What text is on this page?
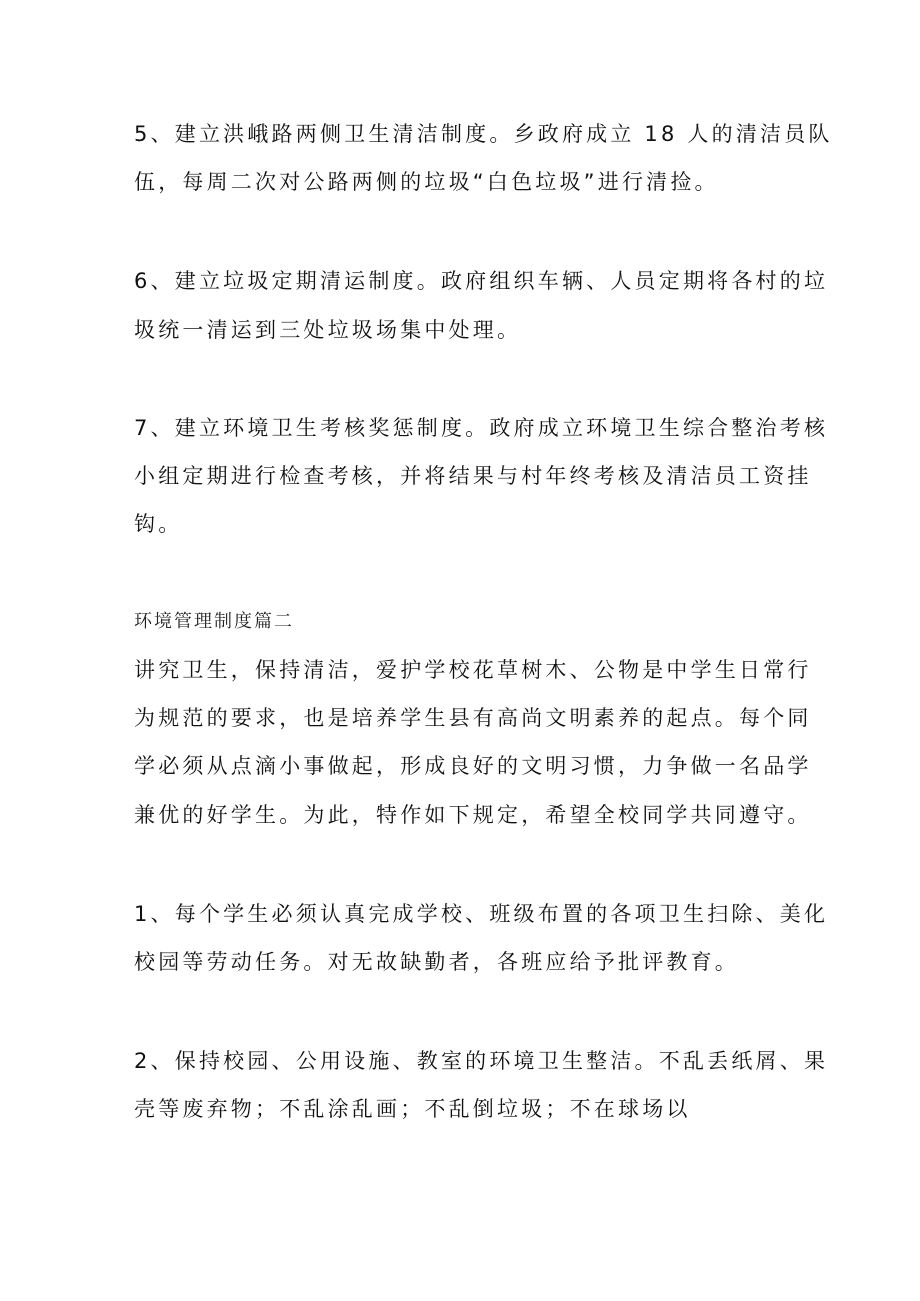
5、建立洪峨路两侧卫生清洁制度。乡政府成立 18 人的清洁员队
伍，每周二次对公路两侧的垃圾“白色垃圾”进行清捡。
6、建立垃圾定期清运制度。政府组织车辆、人员定期将各村的垃
圾统一清运到三处垃圾场集中处理。
7、建立环境卫生考核奖惩制度。政府成立环境卫生综合整治考核
小组定期进行检查考核，并将结果与村年终考核及清洁员工资挂
钩。
环境管理制度篇二
讲究卫生，保持清洁，爱护学校花草树木、公物是中学生日常行
为规范的要求，也是培养学生县有高尚文明素养的起点。每个同
学必须从点滴小事做起，形成良好的文明习惯，力争做一名品学
兼优的好学生。为此，特作如下规定，希望全校同学共同遵守。
1、每个学生必须认真完成学校、班级布置的各项卫生扫除、美化
校园等劳动任务。对无故缺勤者，各班应给予批评教育。
2、保持校园、公用设施、教室的环境卫生整洁。不乱丢纸屑、果
壳等废弃物；不乱涂乱画；不乱倒垃圾；不在球场以
